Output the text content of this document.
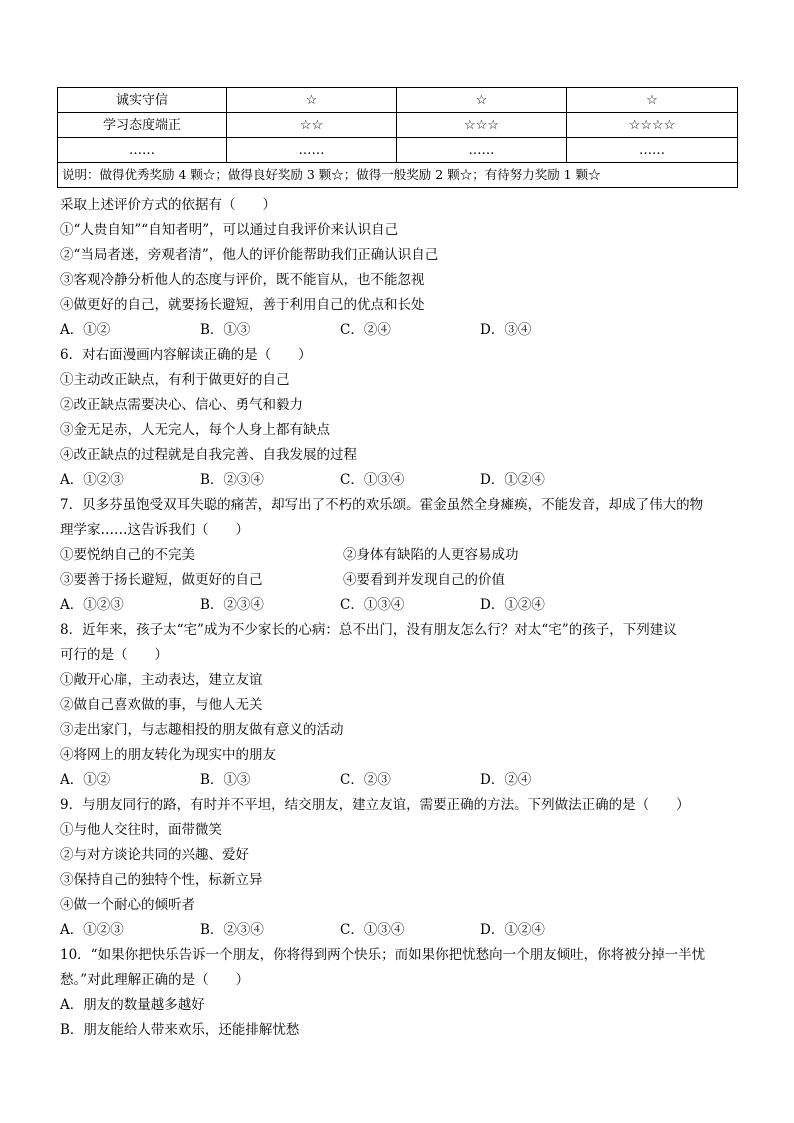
诚实守信	☆	☆	☆
学习态度端正	☆☆	☆☆☆	☆☆☆☆
……	……	……	……
说明：做得优秀奖励 4 颗☆；做得良好奖励 3 颗☆；做得一般奖励 2 颗☆；有待努力奖励 1 颗☆			
采取上述评价方式的依据有（　　）
①“人贵自知”“自知者明”，可以通过自我评价来认识自己
②“当局者迷，旁观者清”，他人的评价能帮助我们正确认识自己
③客观冷静分析他人的态度与评价，既不能盲从，也不能忽视
④做更好的自己，就要扬长避短，善于利用自己的优点和长处
A．①②	B．①③	C．②④	D．③④
6．对右面漫画内容解读正确的是（　　）
①主动改正缺点，有利于做更好的自己
②改正缺点需要决心、信心、勇气和毅力
③金无足赤，人无完人，每个人身上都有缺点
④改正缺点的过程就是自我完善、自我发展的过程
A．①②③	B．②③④	C．①③④	D．①②④
7．贝多芬虽饱受双耳失聪的痛苦，却写出了不朽的欢乐颂。霍金虽然全身瘫痪，不能发音，却成了伟大的物
理学家……这告诉我们（　　）
①要悦纳自己的不完美	②身体有缺陷的人更容易成功
③要善于扬长避短，做更好的自己	④要看到并发现自己的价值
A．①②③	B．②③④	C．①③④	D．①②④
8．近年来，孩子太“宅”成为不少家长的心病：总不出门，没有朋友怎么行？对太“宅”的孩子，下列建议
可行的是（　　）
①敞开心扉，主动表达，建立友谊
②做自己喜欢做的事，与他人无关
③走出家门，与志趣相投的朋友做有意义的活动
④将网上的朋友转化为现实中的朋友
A．①②	B．①③	C．②③	D．②④
9．与朋友同行的路，有时并不平坦，结交朋友，建立友谊，需要正确的方法。下列做法正确的是（　　）
①与他人交往时，面带微笑
②与对方谈论共同的兴趣、爱好
③保持自己的独特个性，标新立异
④做一个耐心的倾听者
A．①②③	B．②③④	C．①③④	D．①②④
10．“如果你把快乐告诉一个朋友，你将得到两个快乐；而如果你把忧愁向一个朋友倾吐，你将被分掉一半忧
愁。”对此理解正确的是（　　）
A．朋友的数量越多越好
B．朋友能给人带来欢乐，还能排解忧愁
